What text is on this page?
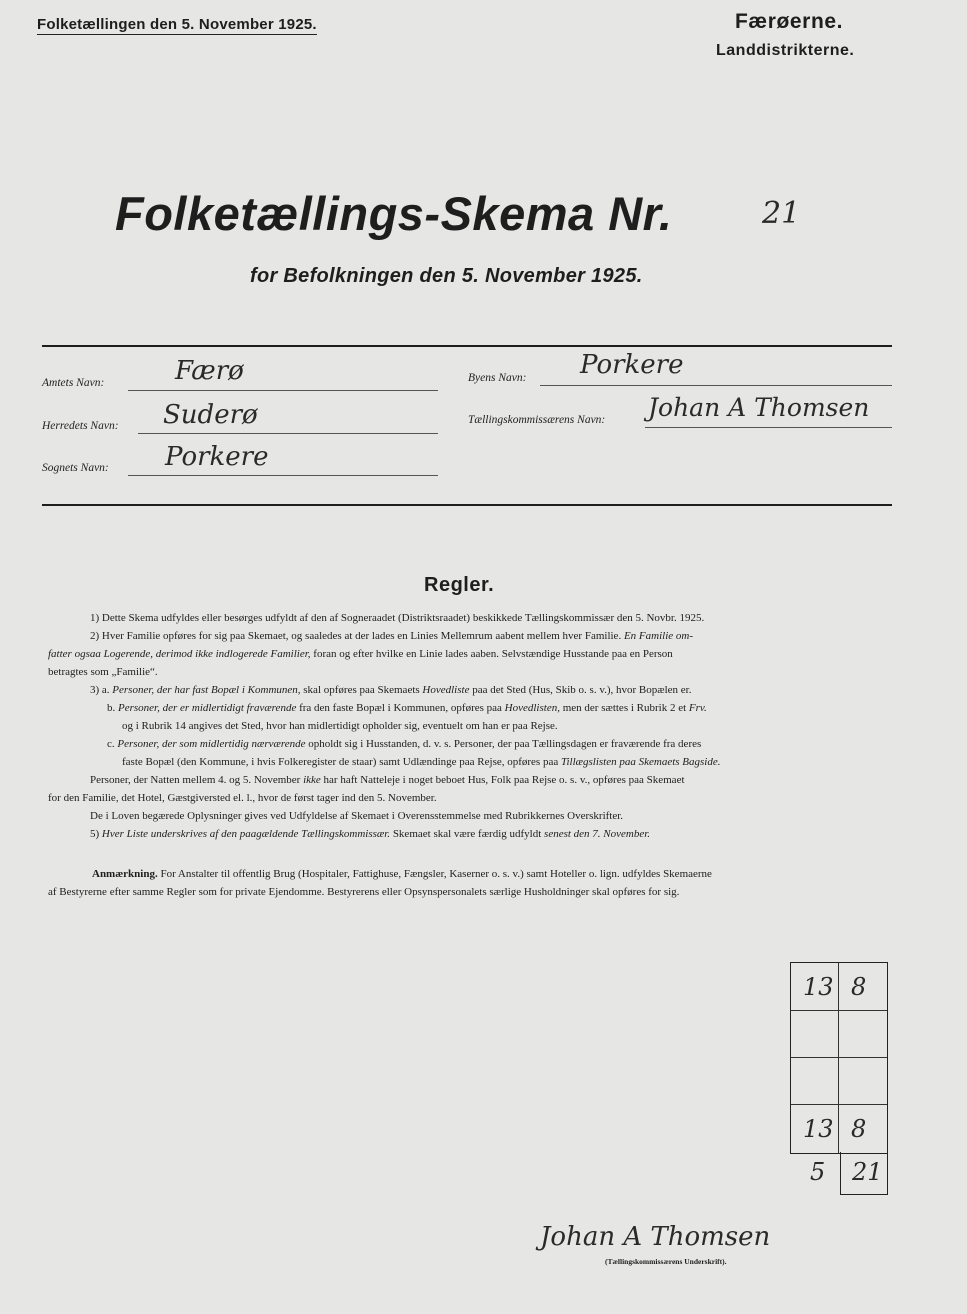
Folketællingen den 5. November 1925.	Færøerne.
Landdistrikterne.
Folketællings-Skema Nr.	21
for Befolkningen den 5. November 1925.
Amtets Navn:	Færø
Herredets Navn: Suderø
Sognets Navn: Porkere
Byens Navn: Porkere
Tællingskommissærens Navn: Johan A Thomsen
Regler.
1) Dette Skema udfyldes eller besørges udfyldt af den af Sogneraadet (Distriktsraadet) beskikkede Tællingskommissær den 5. Novbr. 1925.
2) Hver Familie opføres for sig paa Skemaet, og saaledes at der lades en Linies Mellemrum aabent mellem hver Familie. En Familie om-
fatter ogsaa Logerende, derimod ikke indlogerede Familier, foran og efter hvilke en Linie lades aaben. Selvstændige Husstande paa en Person
betragtes som „Familie“.
3) a. Personer, der har fast Bopæl i Kommunen, skal opføres paa Skemaets Hovedliste paa det Sted (Hus, Skib o. s. v.), hvor Bopælen er.
b. Personer, der er midlertidigt fraværende fra den faste Bopæl i Kommunen, opføres paa Hovedlisten, men der sættes i Rubrik 2 et Frv.
og i Rubrik 14 angives det Sted, hvor han midlertidigt opholder sig, eventuelt om han er paa Rejse.
c. Personer, der som midlertidig nærværende opholdt sig i Husstanden, d. v. s. Personer, der paa Tællingsdagen er fraværende fra deres
faste Bopæl (den Kommune, i hvis Folkeregister de staar) samt Udlændinge paa Rejse, opføres paa Tillægslisten paa Skemaets Bagside.
Personer, der Natten mellem 4. og 5. November ikke har haft Natteleje i noget beboet Hus, Folk paa Rejse o. s. v., opføres paa Skemaet
for den Familie, det Hotel, Gæstgiversted el. l., hvor de først tager ind den 5. November.
De i Loven begærede Oplysninger gives ved Udfyldelse af Skemaet i Overensstemmelse med Rubrikkernes Overskrifter.
5) Hver Liste underskrives af den paagældende Tællingskommissær. Skemaet skal være færdig udfyldt senest den 7. November.
Anmærkning. For Anstalter til offentlig Brug (Hospitaler, Fattighuse, Fængsler, Kaserner o. s. v.) samt Hoteller o. lign. udfyldes Skemaerne
af Bestyrerne efter samme Regler som for private Ejendomme. Bestyrerens eller Opsynspersonalets særlige Husholdninger skal opføres for sig.
13 8
13 8
5 21
Johan A Thomsen
(Tællingskommissærens Underskrift).
